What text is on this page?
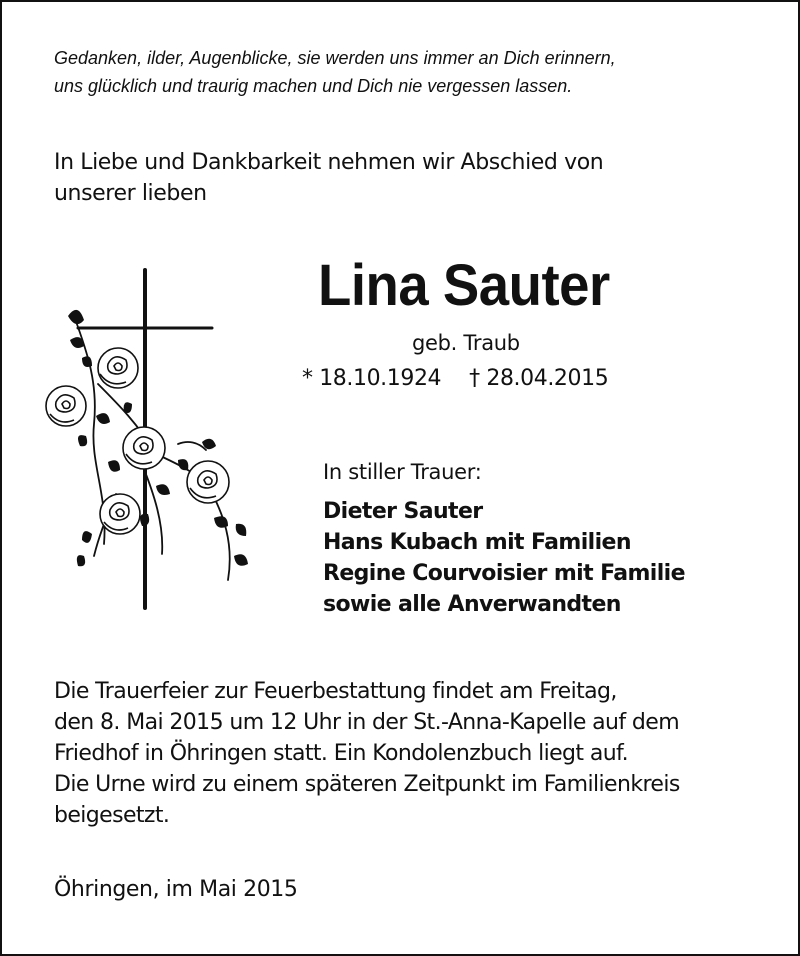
Gedanken, ilder, Augenblicke, sie werden uns immer an Dich erinnern,
uns glücklich und traurig machen und Dich nie vergessen lassen.
In Liebe und Dankbarkeit nehmen wir Abschied von
unserer lieben
Lina Sauter
geb. Traub
* 18.10.1924 † 28.04.2015
In stiller Trauer:
Dieter Sauter
Hans Kubach mit Familien
Regine Courvoisier mit Familie
sowie alle Anverwandten
Die Trauerfeier zur Feuerbestattung findet am Freitag,
den 8. Mai 2015 um 12 Uhr in der St.-Anna-Kapelle auf dem
Friedhof in Öhringen statt. Ein Kondolenzbuch liegt auf.
Die Urne wird zu einem späteren Zeitpunkt im Familienkreis
beigesetzt.
Öhringen, im Mai 2015
